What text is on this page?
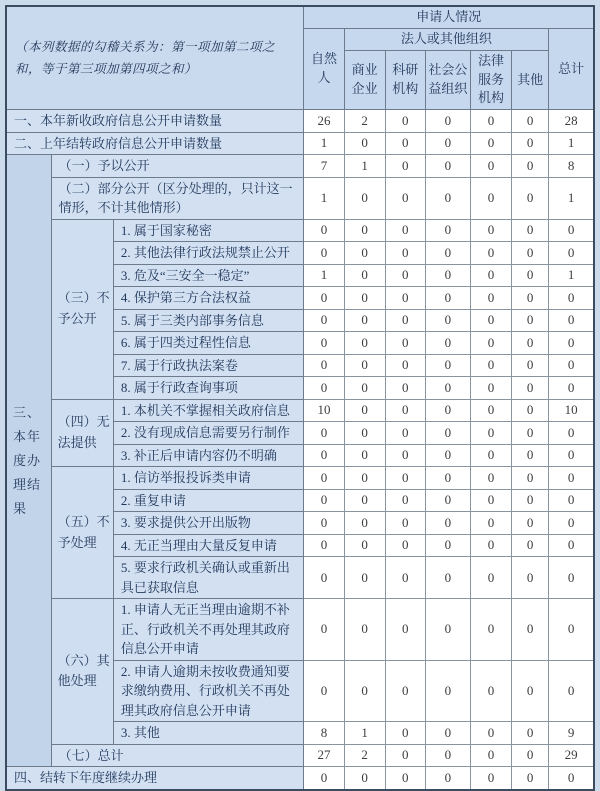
（本列数据的勾稽关系为：第一项加第二项之和，等于第三项加第四项之和）			申请人情况						
			自然人	法人或其他组织					总计
				商业企业	科研机构	社会公益组织	法律服务机构	其他	
一、本年新收政府信息公开申请数量			26	2	0	0	0	0	28
二、上年结转政府信息公开申请数量			1	0	0	0	0	0	1
三、本年度办理结果	（一）予以公开		7	1	0	0	0	0	8
	（二）部分公开（区分处理的，只计这一情形，不计其他情形）		1	0	0	0	0	0	1
	（三）不予公开	1. 属于国家秘密	0	0	0	0	0	0	0
		2. 其他法律行政法规禁止公开	0	0	0	0	0	0	0
		3. 危及“三安全一稳定”	1	0	0	0	0	0	1
		4. 保护第三方合法权益	0	0	0	0	0	0	0
		5. 属于三类内部事务信息	0	0	0	0	0	0	0
		6. 属于四类过程性信息	0	0	0	0	0	0	0
		7. 属于行政执法案卷	0	0	0	0	0	0	0
		8. 属于行政查询事项	0	0	0	0	0	0	0
	（四）无法提供	1. 本机关不掌握相关政府信息	10	0	0	0	0	0	10
		2. 没有现成信息需要另行制作	0	0	0	0	0	0	0
		3. 补正后申请内容仍不明确	0	0	0	0	0	0	0
	（五）不予处理	1. 信访举报投诉类申请	0	0	0	0	0	0	0
		2. 重复申请	0	0	0	0	0	0	0
		3. 要求提供公开出版物	0	0	0	0	0	0	0
		4. 无正当理由大量反复申请	0	0	0	0	0	0	0
		5. 要求行政机关确认或重新出具已获取信息	0	0	0	0	0	0	0
	（六）其他处理	1. 申请人无正当理由逾期不补正、行政机关不再处理其政府信息公开申请	0	0	0	0	0	0	0
		2. 申请人逾期未按收费通知要求缴纳费用、行政机关不再处理其政府信息公开申请	0	0	0	0	0	0	0
		3. 其他	8	1	0	0	0	0	9
	（七）总计		27	2	0	0	0	0	29
四、结转下年度继续办理			0	0	0	0	0	0	0
